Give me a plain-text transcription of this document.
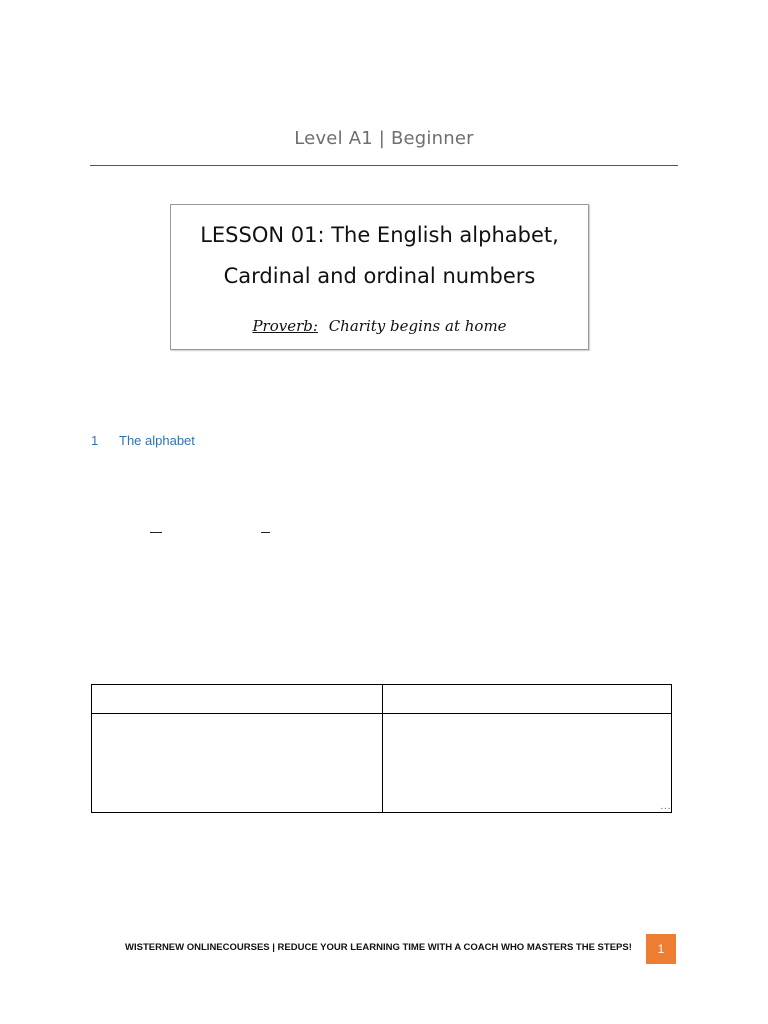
Level A1 | Beginner
LESSON 01: The English alphabet,
Cardinal and ordinal numbers
Proverb: Charity begins at home
1 The alphabet

	…
WISTERNEW ONLINECOURSES | REDUCE YOUR LEARNING TIME WITH A COACH WHO MASTERS THE STEPS!	1
